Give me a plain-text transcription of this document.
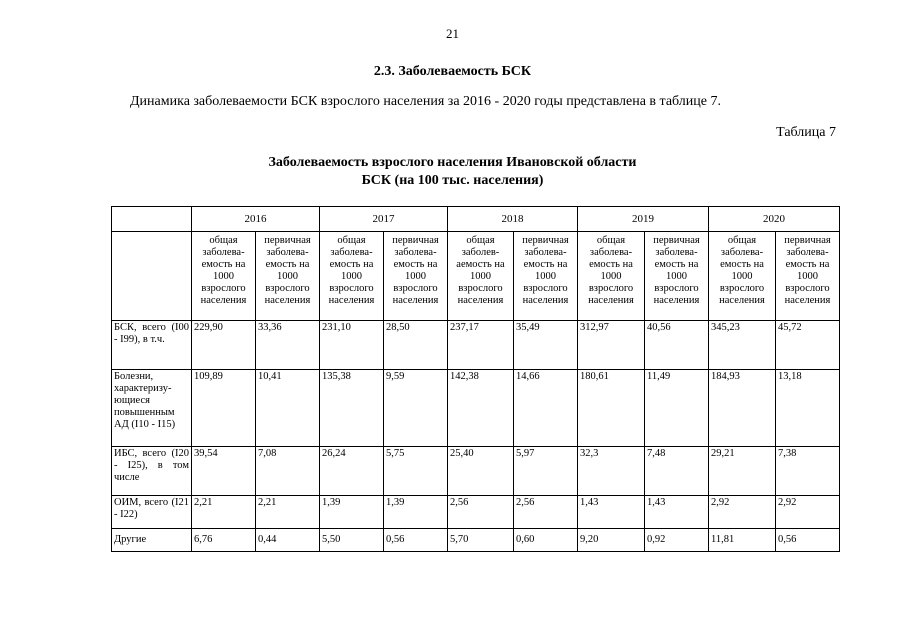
21
2.3. Заболеваемость БСК
Динамика заболеваемости БСК взрослого населения за 2016 - 2020 годы представлена в таблице 7.
Таблица 7
Заболеваемость взрослого населения Ивановской области
БСК (на 100 тыс. населения)
	2016		2017		2018		2019		2020	
	общая заболева-емость на 1000 взрослого населения	первичная заболева-емость на 1000 взрослого населения	общая заболева-емость на 1000 взрослого населения	первичная заболева-емость на 1000 взрослого населения	общая заболев-аемость на 1000 взрослого населения	первичная заболева-емость на 1000 взрослого населения	общая заболева-емость на 1000 взрослого населения	первичная заболева-емость на 1000 взрослого населения	общая заболева-емость на 1000 взрослого населения	первичная заболева-емость на 1000 взрослого населения
БСК, всего (I00 - I99), в т.ч.	229,90	33,36	231,10	28,50	237,17	35,49	312,97	40,56	345,23	45,72
Болезни, характеризу-ющиеся повышенным АД (I10 - I15)	109,89	10,41	135,38	9,59	142,38	14,66	180,61	11,49	184,93	13,18
ИБС, всего (I20 - I25), в том числе	39,54	7,08	26,24	5,75	25,40	5,97	32,3	7,48	29,21	7,38
ОИМ, всего (I21 - I22)	2,21	2,21	1,39	1,39	2,56	2,56	1,43	1,43	2,92	2,92
Другие	6,76	0,44	5,50	0,56	5,70	0,60	9,20	0,92	11,81	0,56
